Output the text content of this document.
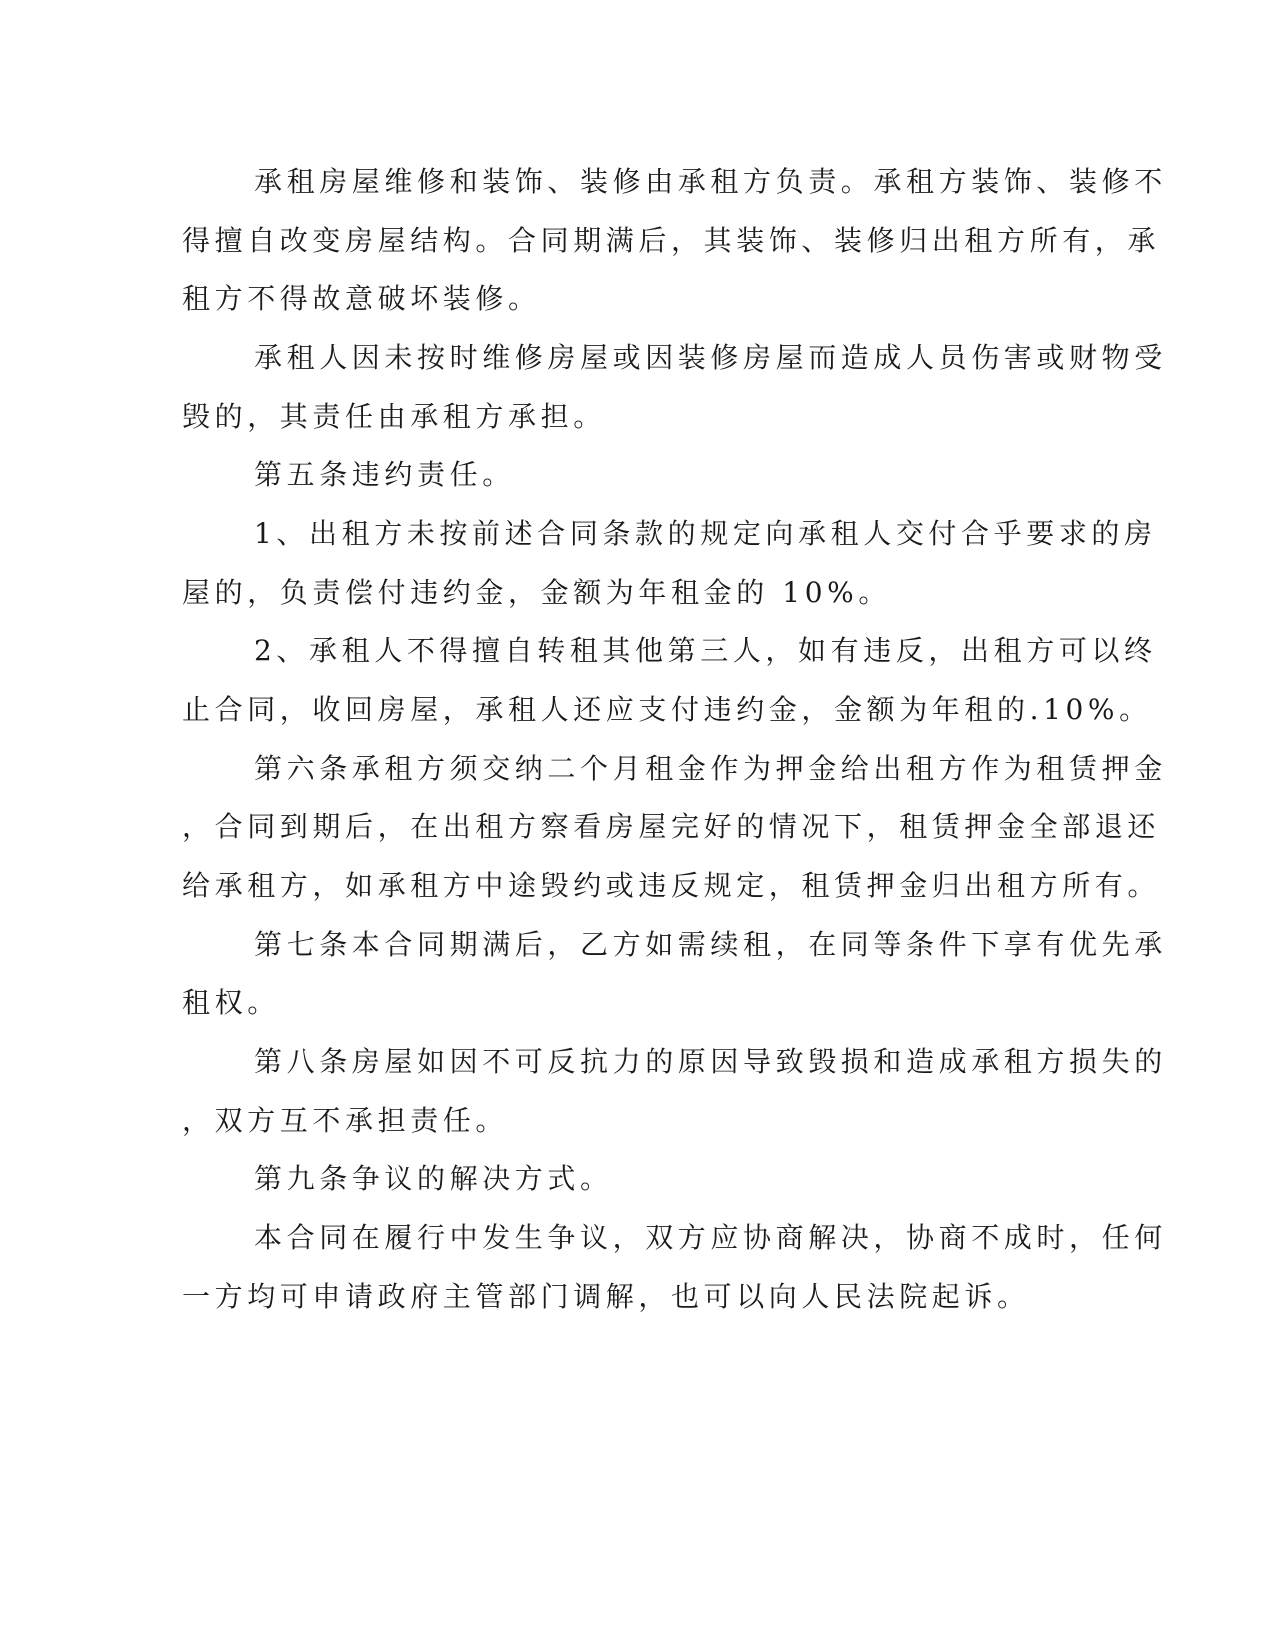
承租房屋维修和装饰、装修由承租方负责。承租方装饰、装修不
得擅自改变房屋结构。合同期满后，其装饰、装修归出租方所有，承
租方不得故意破坏装修。
承租人因未按时维修房屋或因装修房屋而造成人员伤害或财物受
毁的，其责任由承租方承担。
第五条违约责任。
1、出租方未按前述合同条款的规定向承租人交付合乎要求的房
屋的，负责偿付违约金，金额为年租金的 10%。
2、承租人不得擅自转租其他第三人，如有违反，出租方可以终
止合同，收回房屋，承租人还应支付违约金，金额为年租的.10%。
第六条承租方须交纳二个月租金作为押金给出租方作为租赁押金
，合同到期后，在出租方察看房屋完好的情况下，租赁押金全部退还
给承租方，如承租方中途毁约或违反规定，租赁押金归出租方所有。
第七条本合同期满后，乙方如需续租，在同等条件下享有优先承
租权。
第八条房屋如因不可反抗力的原因导致毁损和造成承租方损失的
，双方互不承担责任。
第九条争议的解决方式。
本合同在履行中发生争议，双方应协商解决，协商不成时，任何
一方均可申请政府主管部门调解，也可以向人民法院起诉。
